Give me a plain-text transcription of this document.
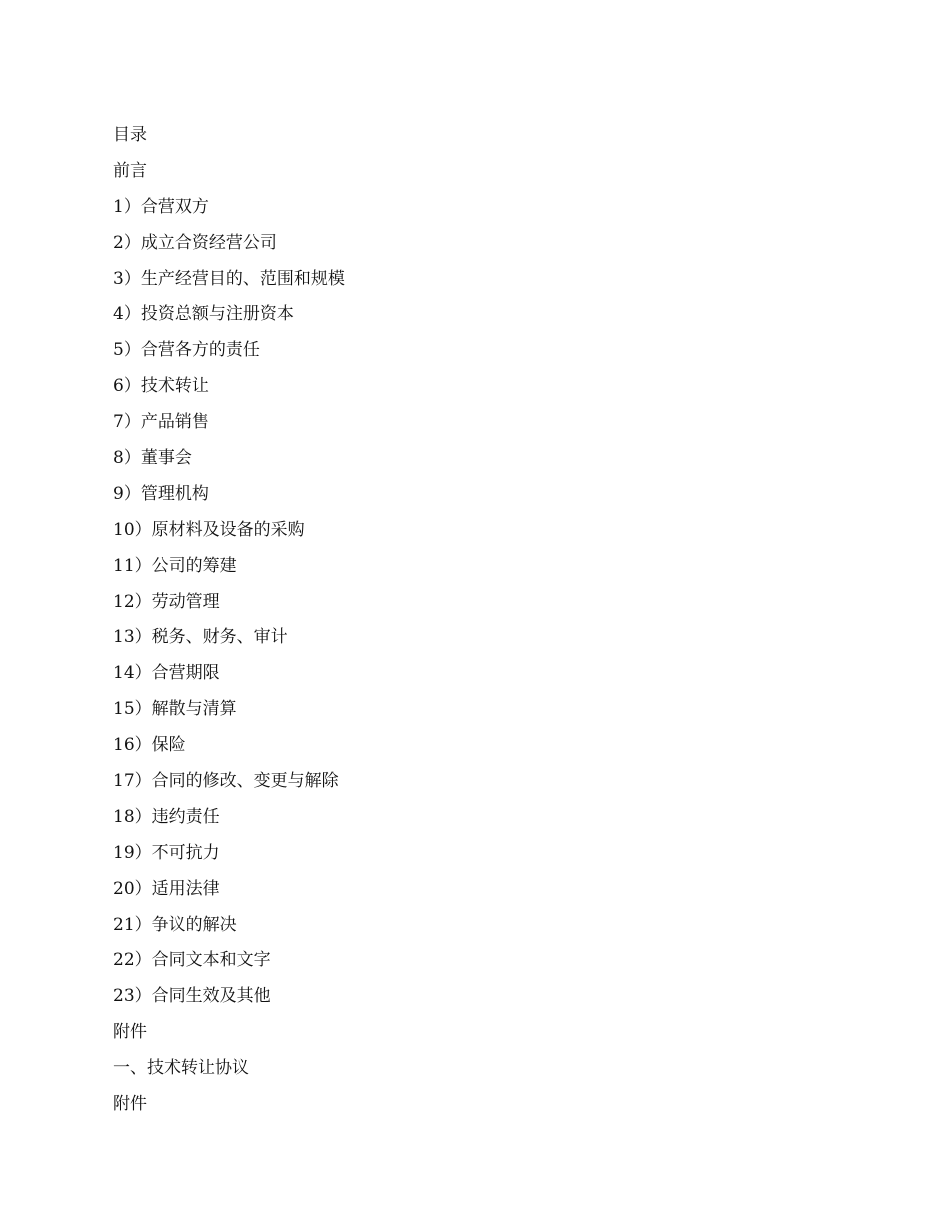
目录
前言
1）合营双方
2）成立合资经营公司
3）生产经营目的、范围和规模
4）投资总额与注册资本
5）合营各方的责任
6）技术转让
7）产品销售
8）董事会
9）管理机构
10）原材料及设备的采购
11）公司的筹建
12）劳动管理
13）税务、财务、审计
14）合营期限
15）解散与清算
16）保险
17）合同的修改、变更与解除
18）违约责任
19）不可抗力
20）适用法律
21）争议的解决
22）合同文本和文字
23）合同生效及其他
附件
一、技术转让协议
附件
